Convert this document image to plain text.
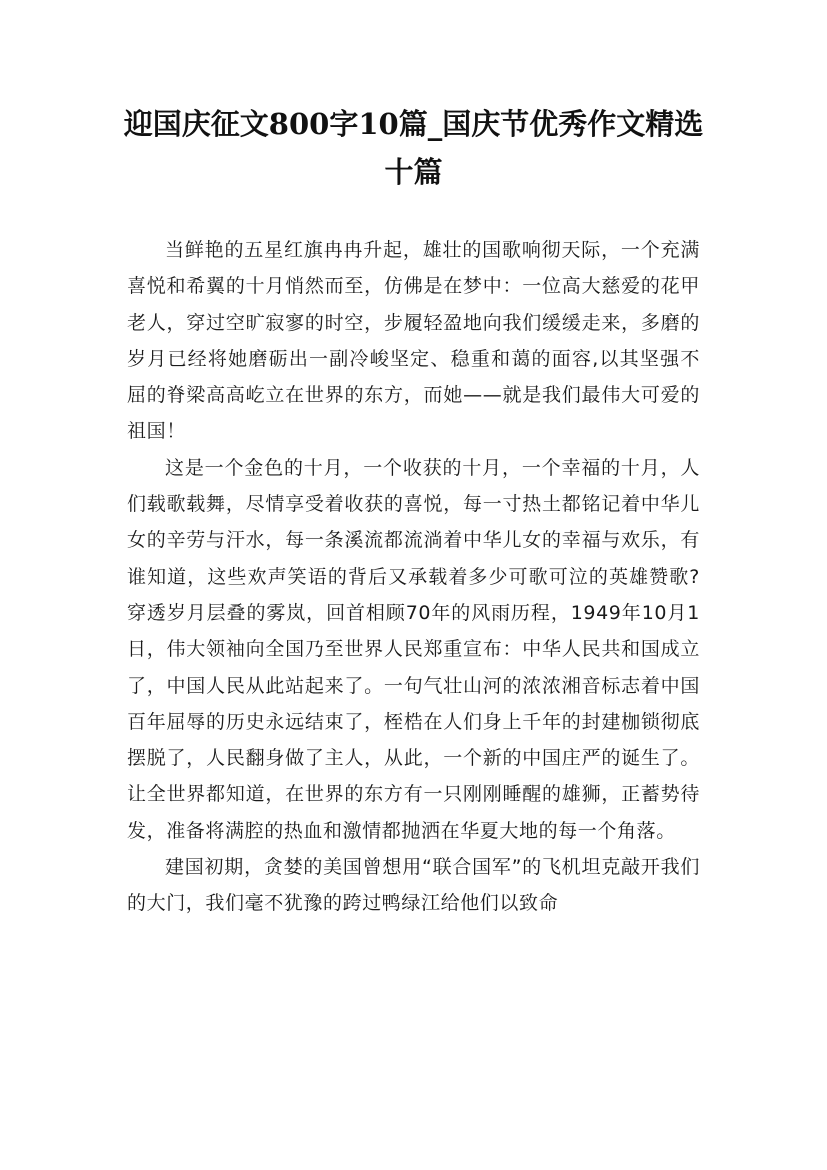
迎国庆征文800字10篇_国庆节优秀作文精选十篇

当鲜艳的五星红旗冉冉升起，雄壮的国歌响彻天际，一个充满喜悦和希翼的十月悄然而至，仿佛是在梦中：一位高大慈爱的花甲老人，穿过空旷寂寥的时空，步履轻盈地向我们缓缓走来，多磨的岁月已经将她磨砺出一副冷峻坚定、稳重和蔼的面容,以其坚强不屈的脊梁高高屹立在世界的东方，而她——就是我们最伟大可爱的祖国！

这是一个金色的十月，一个收获的十月，一个幸福的十月，人们载歌载舞，尽情享受着收获的喜悦，每一寸热土都铭记着中华儿女的辛劳与汗水，每一条溪流都流淌着中华儿女的幸福与欢乐，有谁知道，这些欢声笑语的背后又承载着多少可歌可泣的英雄赞歌?穿透岁月层叠的雾岚，回首相顾70年的风雨历程，1949年10月1日，伟大领袖向全国乃至世界人民郑重宣布：中华人民共和国成立了，中国人民从此站起来了。一句气壮山河的浓浓湘音标志着中国百年屈辱的历史永远结束了，桎梏在人们身上千年的封建枷锁彻底摆脱了，人民翻身做了主人，从此，一个新的中国庄严的诞生了。让全世界都知道，在世界的东方有一只刚刚睡醒的雄狮，正蓄势待发，准备将满腔的热血和激情都抛洒在华夏大地的每一个角落。

建国初期，贪婪的美国曾想用“联合国军”的飞机坦克敲开我们的大门，我们毫不犹豫的跨过鸭绿江给他们以致命
